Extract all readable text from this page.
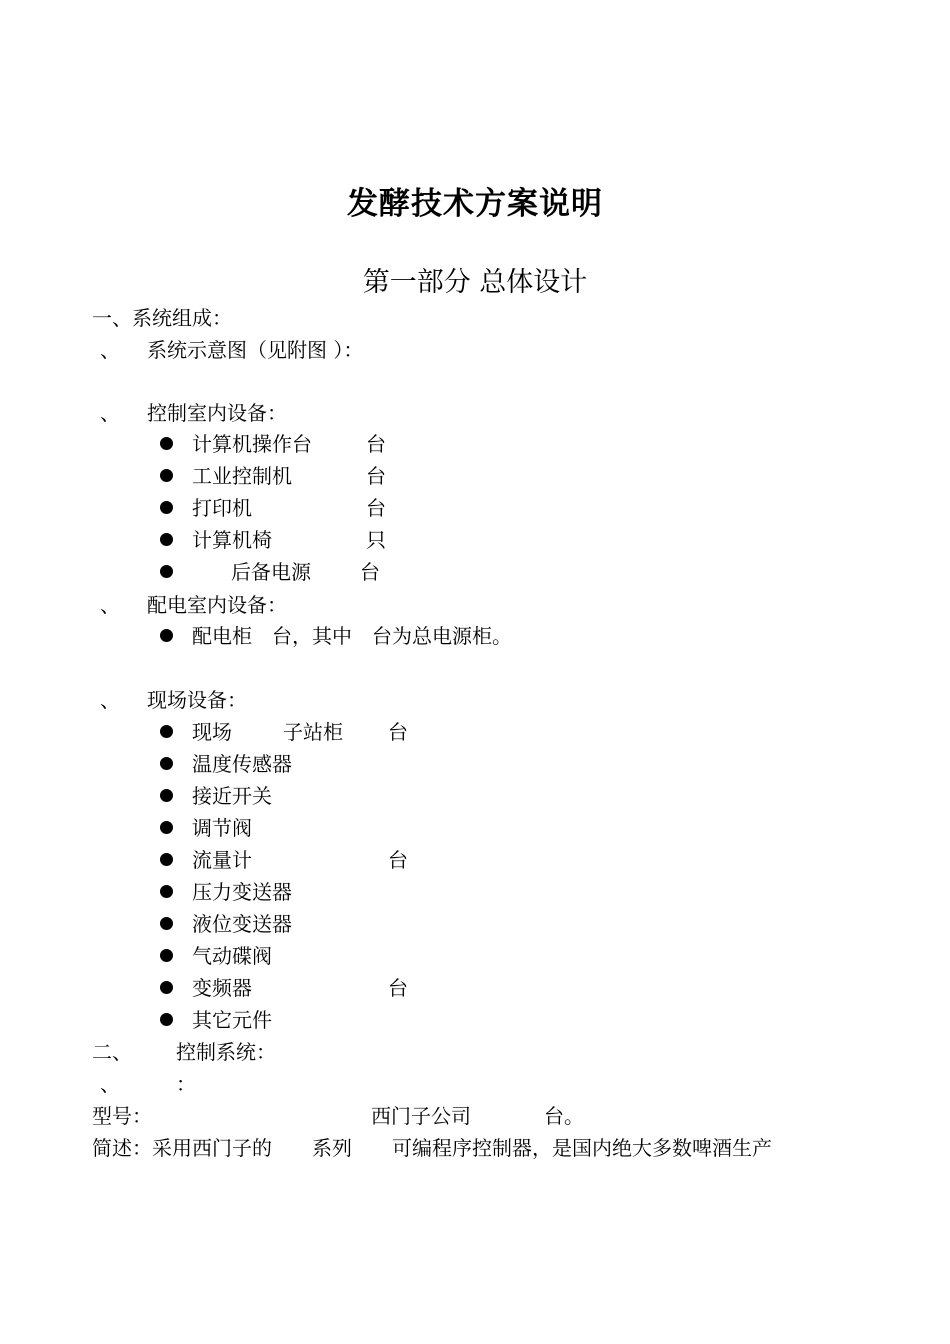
发酵技术方案说明
第一部分 总体设计
一、系统组成：
、 系统示意图（见附图 ）：
、 控制室内设备：
计算机操作台	台
工业控制机	台
打印机	台
计算机椅	只
后备电源 台
、 配电室内设备：
配电柜　台，其中　台为总电源柜。
、 现场设备：
现场	子站柜 台
温度传感器
接近开关
调节阀
流量计	台
压力变送器
液位变送器
气动碟阀
变频器	台
其它元件
二、 控制系统：
、	：
型号：	西门子公司	台。
简述：采用西门子的　　系列　　可编程序控制器，是国内绝大多数啤酒生产
